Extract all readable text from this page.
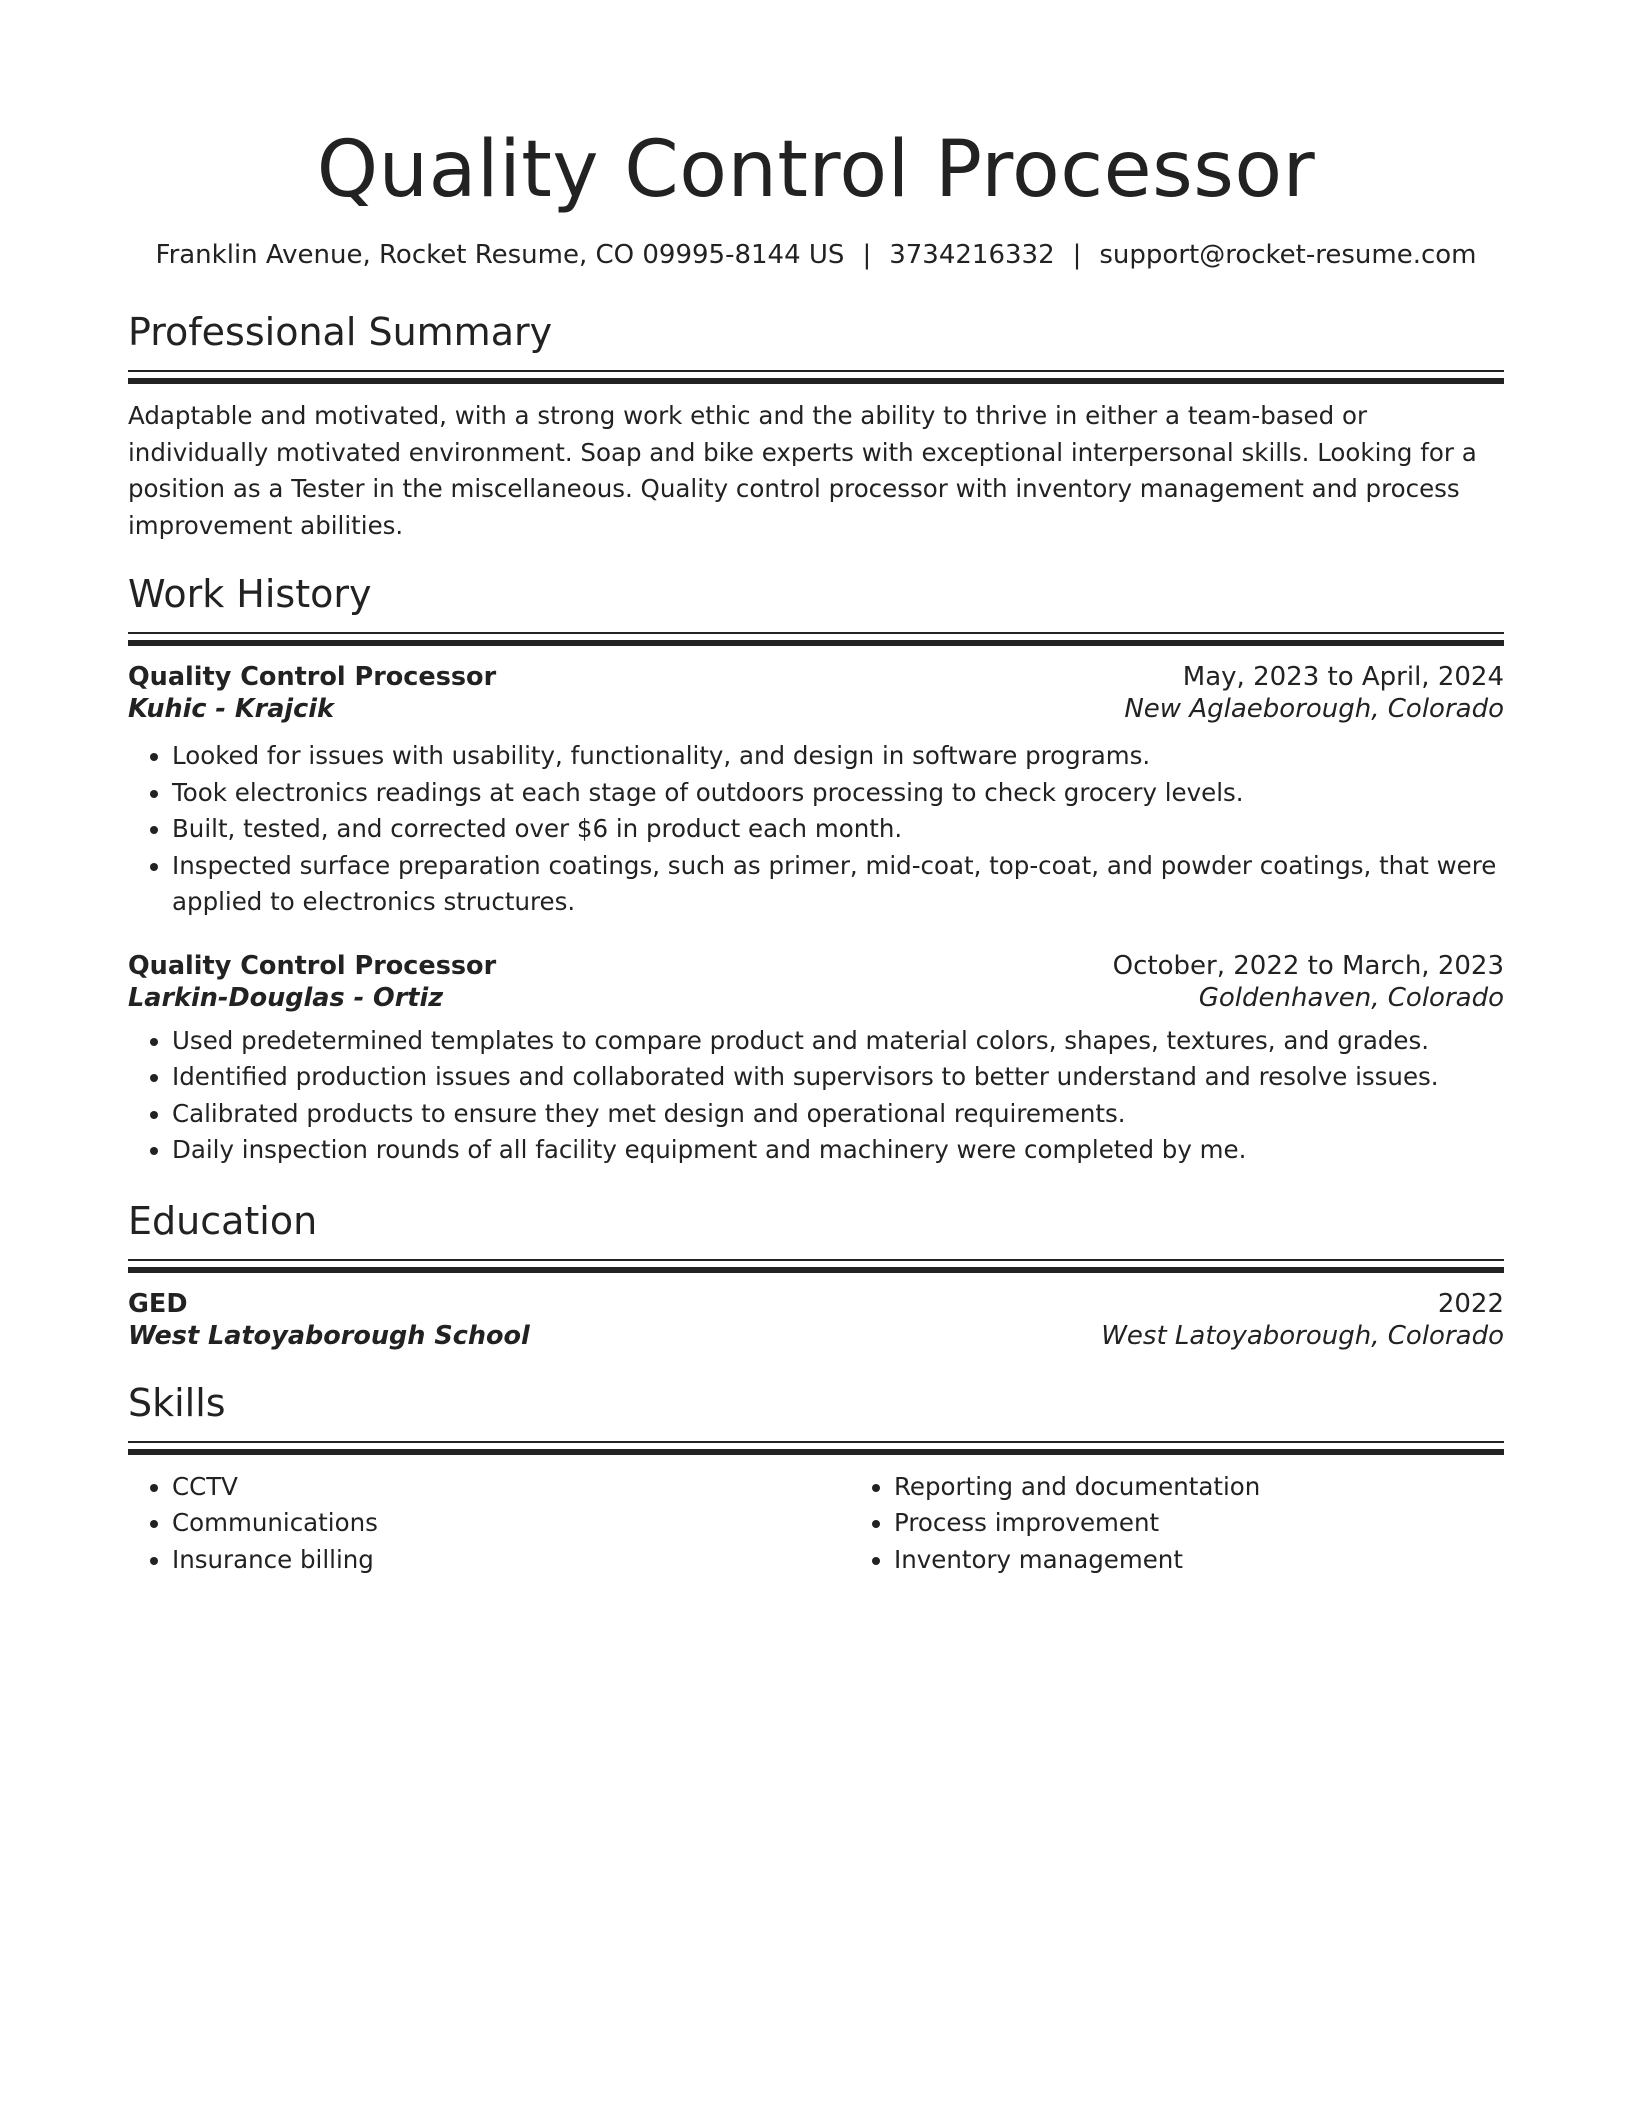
Quality Control Processor
Franklin Avenue, Rocket Resume, CO 09995-8144 US | 3734216332 | support@rocket-resume.com
Professional Summary

Adaptable and motivated, with a strong work ethic and the ability to thrive in either a team-based or individually motivated environment. Soap and bike experts with exceptional interpersonal skills. Looking for a position as a Tester in the miscellaneous. Quality control processor with inventory management and process improvement abilities.

Work History
Quality Control Processor	May, 2023 to April, 2024
Kuhic - Krajcik	New Aglaeborough, Colorado
• Looked for issues with usability, functionality, and design in software programs.
• Took electronics readings at each stage of outdoors processing to check grocery levels.
• Built, tested, and corrected over $6 in product each month.
• Inspected surface preparation coatings, such as primer, mid-coat, top-coat, and powder coatings, that were applied to electronics structures.
Quality Control Processor	October, 2022 to March, 2023
Larkin-Douglas - Ortiz	Goldenhaven, Colorado
• Used predetermined templates to compare product and material colors, shapes, textures, and grades.
• Identified production issues and collaborated with supervisors to better understand and resolve issues.
• Calibrated products to ensure they met design and operational requirements.
• Daily inspection rounds of all facility equipment and machinery were completed by me.
Education
GED	2022
West Latoyaborough School	West Latoyaborough, Colorado
Skills
• CCTV
• Communications
• Insurance billing
• Reporting and documentation
• Process improvement
• Inventory management
